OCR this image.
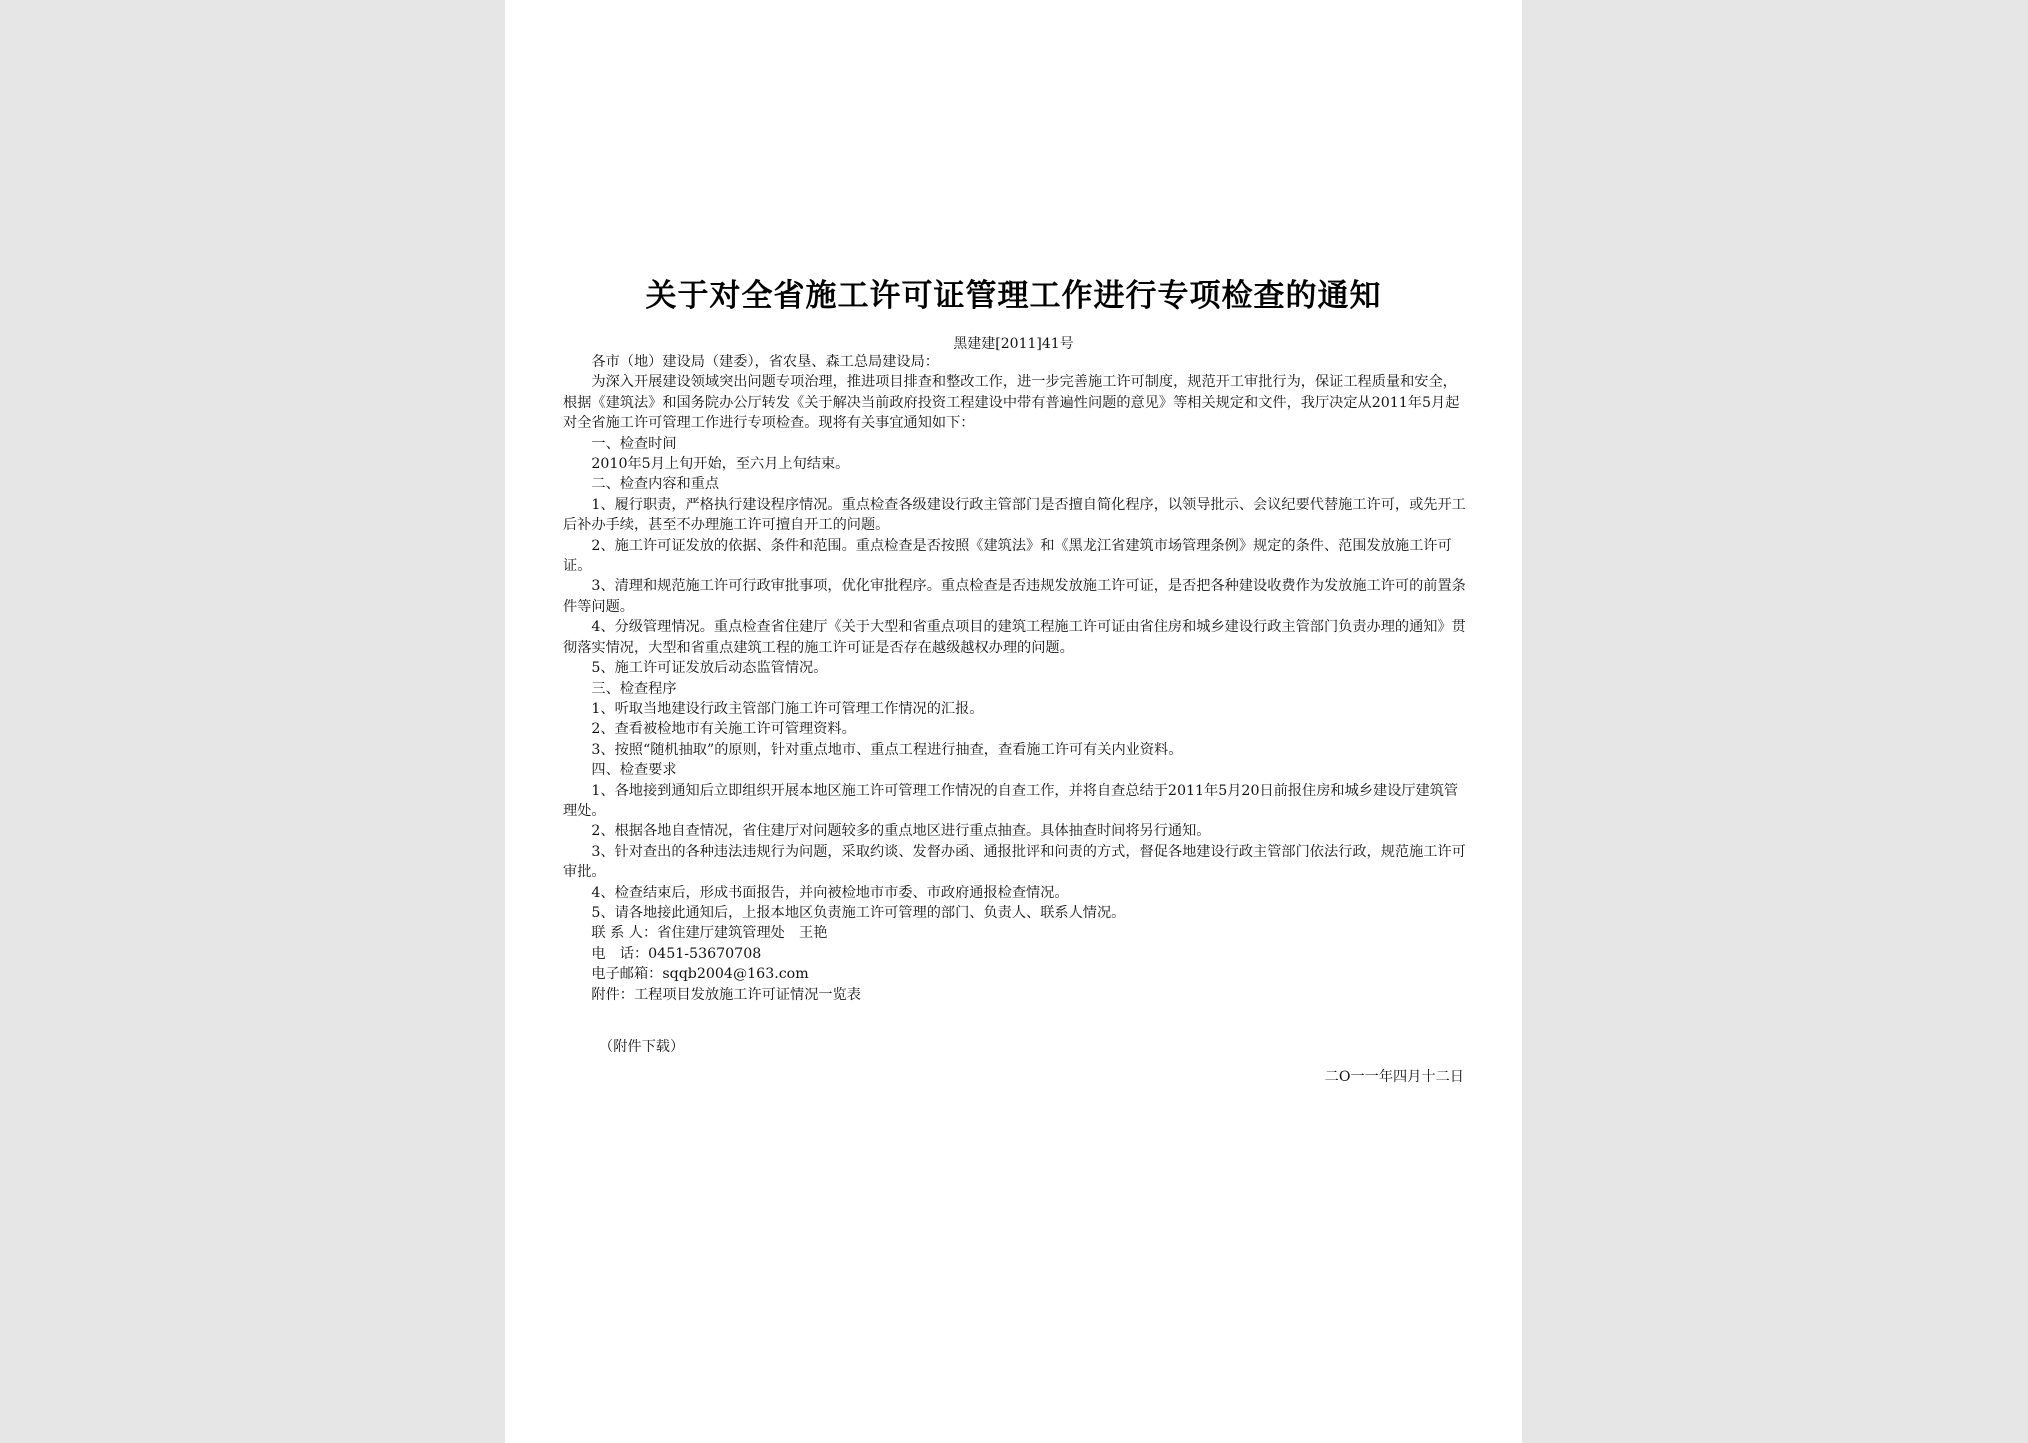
关于对全省施工许可证管理工作进行专项检查的通知
黑建建[2011]41号

各市（地）建设局（建委），省农垦、森工总局建设局：

为深入开展建设领域突出问题专项治理，推进项目排查和整改工作，进一步完善施工许可制度，规范开工审批行为，保证工程质量和安全，根据《建筑法》和国务院办公厅转发《关于解决当前政府投资工程建设中带有普遍性问题的意见》等相关规定和文件，我厅决定从2011年5月起对全省施工许可管理工作进行专项检查。现将有关事宜通知如下：

一、检查时间

2010年5月上旬开始，至六月上旬结束。

二、检查内容和重点

1、履行职责，严格执行建设程序情况。重点检查各级建设行政主管部门是否擅自简化程序，以领导批示、会议纪要代替施工许可，或先开工后补办手续，甚至不办理施工许可擅自开工的问题。

2、施工许可证发放的依据、条件和范围。重点检查是否按照《建筑法》和《黑龙江省建筑市场管理条例》规定的条件、范围发放施工许可证。

3、清理和规范施工许可行政审批事项，优化审批程序。重点检查是否违规发放施工许可证，是否把各种建设收费作为发放施工许可的前置条件等问题。

4、分级管理情况。重点检查省住建厅《关于大型和省重点项目的建筑工程施工许可证由省住房和城乡建设行政主管部门负责办理的通知》贯彻落实情况，大型和省重点建筑工程的施工许可证是否存在越级越权办理的问题。

5、施工许可证发放后动态监管情况。

三、检查程序

1、听取当地建设行政主管部门施工许可管理工作情况的汇报。

2、查看被检地市有关施工许可管理资料。

3、按照“随机抽取”的原则，针对重点地市、重点工程进行抽查，查看施工许可有关内业资料。

四、检查要求

1、各地接到通知后立即组织开展本地区施工许可管理工作情况的自查工作，并将自查总结于2011年5月20日前报住房和城乡建设厅建筑管理处。

2、根据各地自查情况，省住建厅对问题较多的重点地区进行重点抽查。具体抽查时间将另行通知。

3、针对查出的各种违法违规行为问题，采取约谈、发督办函、通报批评和问责的方式，督促各地建设行政主管部门依法行政，规范施工许可审批。

4、检查结束后，形成书面报告，并向被检地市市委、市政府通报检查情况。

5、请各地接此通知后，上报本地区负责施工许可管理的部门、负责人、联系人情况。

联 系 人：省住建厅建筑管理处　王艳

电　话：0451-53670708

电子邮箱：sqqb2004@163.com

附件：工程项目发放施工许可证情况一览表

（附件下载）
二O一一年四月十二日
